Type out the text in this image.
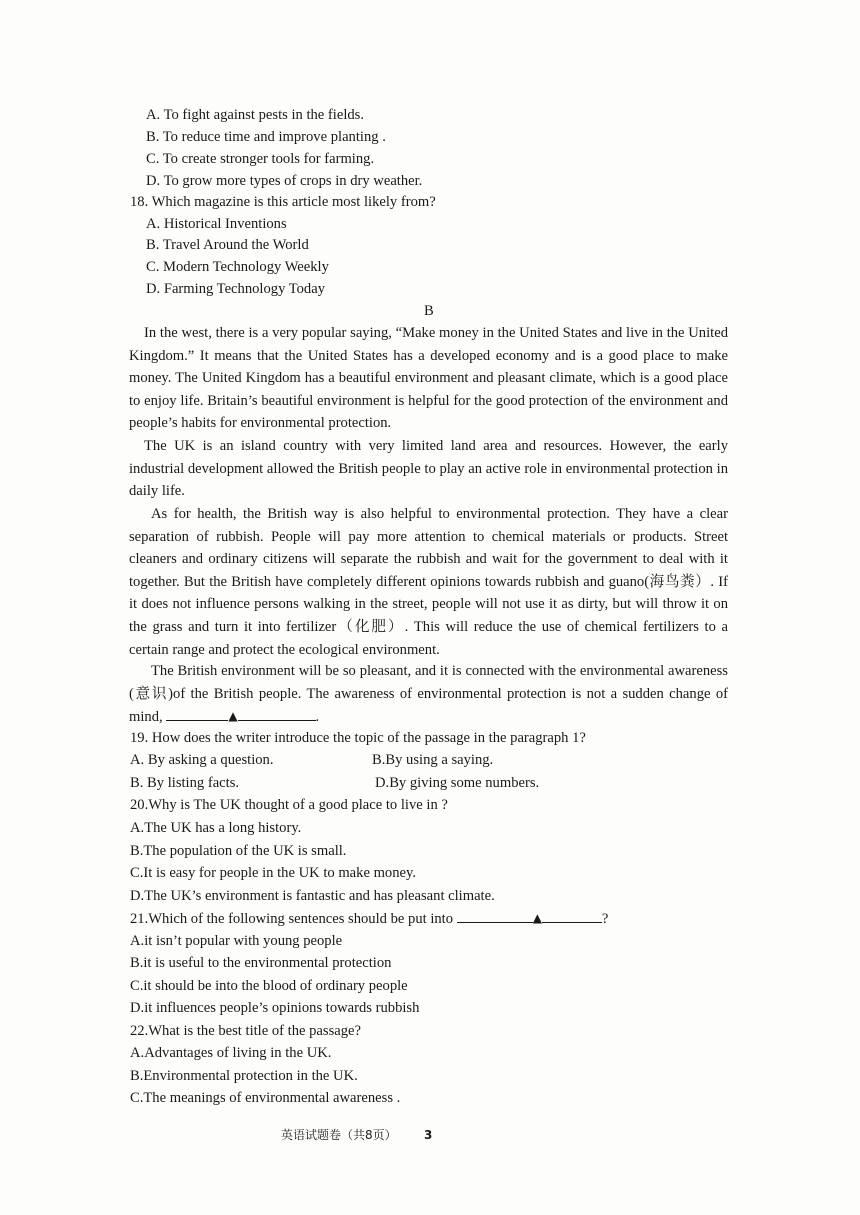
A. To fight against pests in the fields.
B. To reduce time and improve planting .
C. To create stronger tools for farming.
D. To grow more types of crops in dry weather.
18. Which magazine is this article most likely from?
A. Historical Inventions
B. Travel Around the World
C. Modern Technology Weekly
D. Farming Technology Today
B
In the west, there is a very popular saying, “Make money in the United States and live in the United Kingdom.” It means that the United States has a developed economy and is a good place to make money. The United Kingdom has a beautiful environment and pleasant climate, which is a good place to enjoy life. Britain’s beautiful environment is helpful for the good protection of the environment and people’s habits for environmental protection.
The UK is an island country with very limited land area and resources. However, the early industrial development allowed the British people to play an active role in environmental protection in daily life.
As for health, the British way is also helpful to environmental protection. They have a clear separation of rubbish. People will pay more attention to chemical materials or products. Street cleaners and ordinary citizens will separate the rubbish and wait for the government to deal with it together. But the British have completely different opinions towards rubbish and guano(海鸟粪）. If it does not influence persons walking in the street, people will not use it as dirty, but will throw it on the grass and turn it into fertilizer（化肥）. This will reduce the use of chemical fertilizers to a certain range and protect the ecological environment.
The British environment will be so pleasant, and it is connected with the environmental awareness (意识)of the British people. The awareness of environmental protection is not a sudden change of mind,	▲	.
19. How does the writer introduce the topic of the passage in the paragraph 1?
A. By asking a question.	B.By using a saying.
B. By listing facts.	D.By giving some numbers.
20.Why is The UK thought of a good place to live in ?
A.The UK has a long history.
B.The population of the UK is small.
C.It is easy for people in the UK to make money.
D.The UK’s environment is fantastic and has pleasant climate.
21.Which of the following sentences should be put into	▲	?
A.it isn’t popular with young people
B.it is useful to the environmental protection
C.it should be into the blood of ordinary people
D.it influences people’s opinions towards rubbish
22.What is the best title of the passage?
A.Advantages of living in the UK.
B.Environmental protection in the UK.
C.The meanings of environmental awareness .
英语试题卷（共8页） 3
